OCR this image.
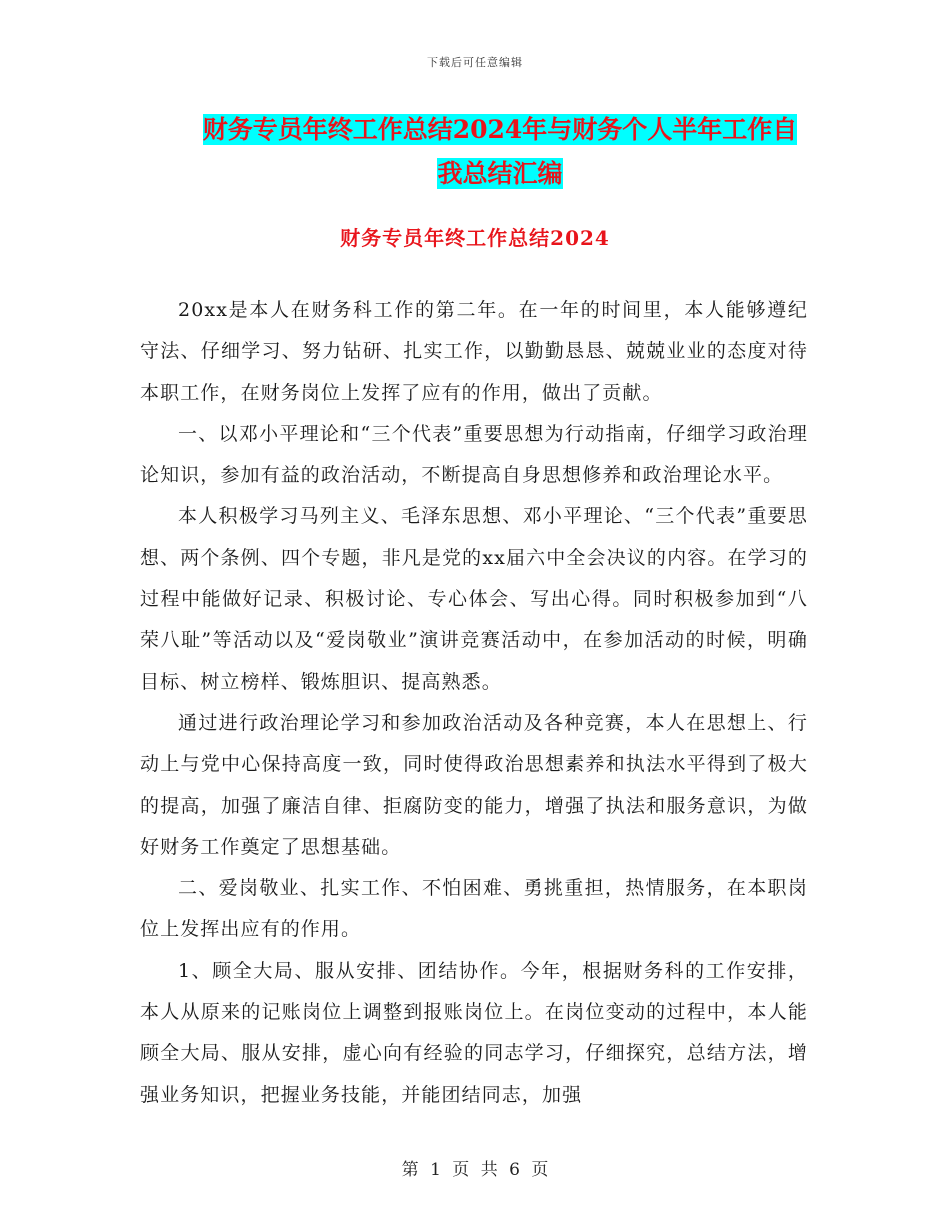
下载后可任意编辑
财务专员年终工作总结2024年与财务个人半年工作自
我总结汇编
财务专员年终工作总结2024

20xx是本人在财务科工作的第二年。在一年的时间里，本人能够遵纪守法、仔细学习、努力钻研、扎实工作，以勤勤恳恳、兢兢业业的态度对待本职工作，在财务岗位上发挥了应有的作用，做出了贡献。

一、以邓小平理论和“三个代表”重要思想为行动指南，仔细学习政治理论知识，参加有益的政治活动，不断提高自身思想修养和政治理论水平。

本人积极学习马列主义、毛泽东思想、邓小平理论、“三个代表”重要思想、两个条例、四个专题，非凡是党的xx届六中全会决议的内容。在学习的过程中能做好记录、积极讨论、专心体会、写出心得。同时积极参加到“八荣八耻”等活动以及“爱岗敬业”演讲竞赛活动中，在参加活动的时候，明确目标、树立榜样、锻炼胆识、提高熟悉。

通过进行政治理论学习和参加政治活动及各种竞赛，本人在思想上、行动上与党中心保持高度一致，同时使得政治思想素养和执法水平得到了极大的提高，加强了廉洁自律、拒腐防变的能力，增强了执法和服务意识，为做好财务工作奠定了思想基础。

二、爱岗敬业、扎实工作、不怕困难、勇挑重担，热情服务，在本职岗位上发挥出应有的作用。

1、顾全大局、服从安排、团结协作。今年，根据财务科的工作安排，本人从原来的记账岗位上调整到报账岗位上。在岗位变动的过程中，本人能顾全大局、服从安排，虚心向有经验的同志学习，仔细探究，总结方法，增强业务知识，把握业务技能，并能团结同志，加强

第 1 页 共 6 页
